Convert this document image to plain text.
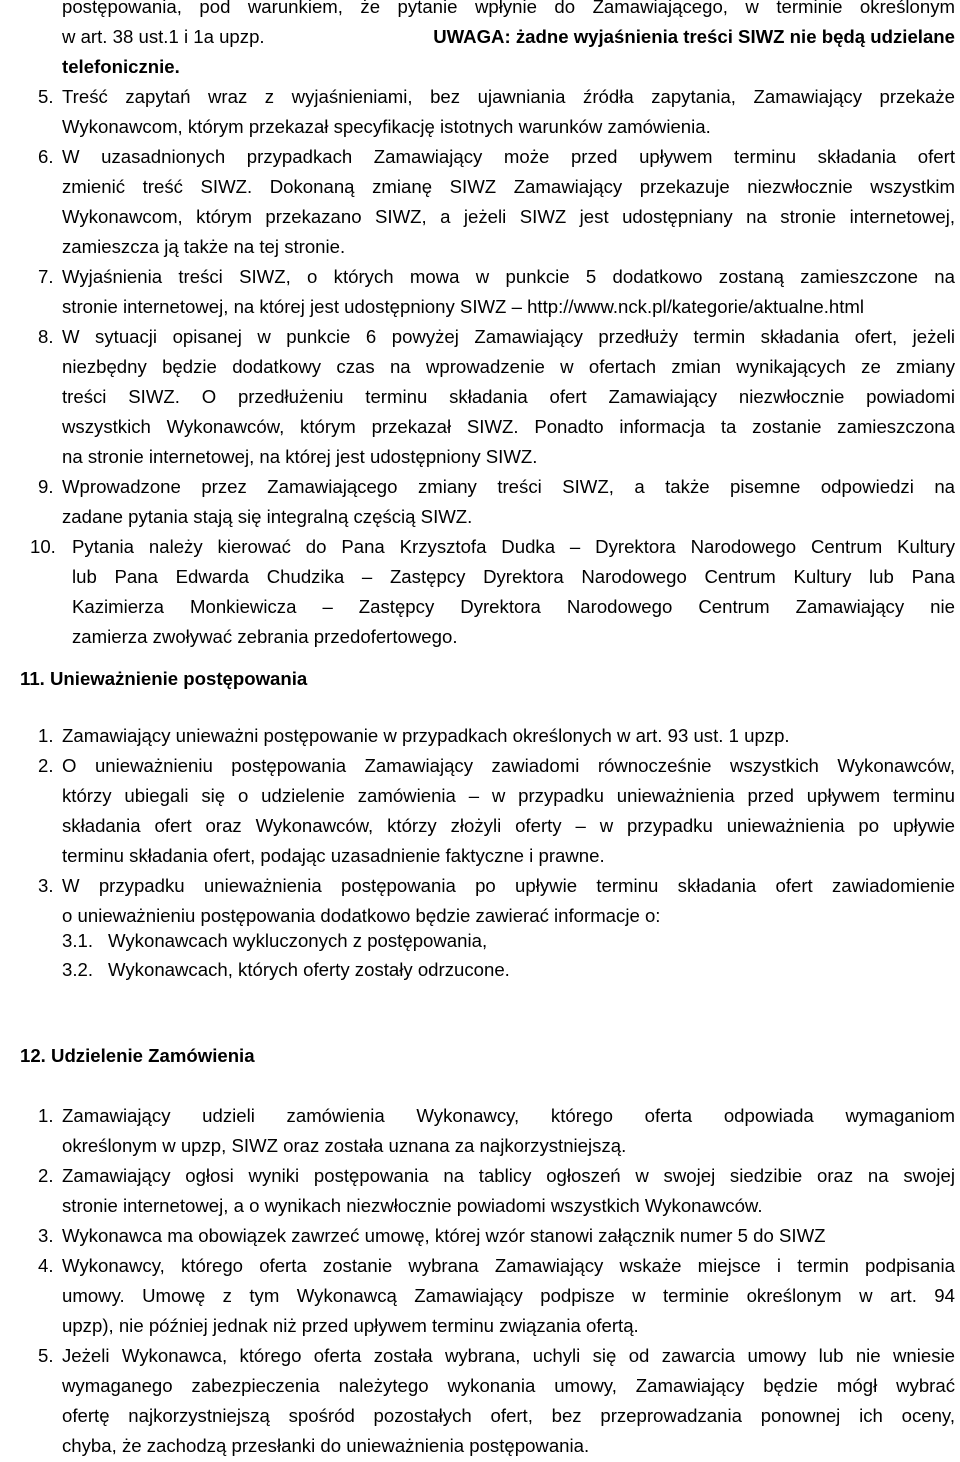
postępowania, pod warunkiem, że pytanie wpłynie do Zamawiającego, w terminie określonym
w art. 38 ust.1 i 1a upzp.	UWAGA: żadne wyjaśnienia treści SIWZ nie będą udzielane
telefonicznie.
5. Treść zapytań wraz z wyjaśnieniami, bez ujawniania źródła zapytania, Zamawiający przekaże
Wykonawcom, którym przekazał specyfikację istotnych warunków zamówienia.
6. W uzasadnionych przypadkach Zamawiający może przed upływem terminu składania ofert
zmienić treść SIWZ. Dokonaną zmianę SIWZ Zamawiający przekazuje niezwłocznie wszystkim
Wykonawcom, którym przekazano SIWZ, a jeżeli SIWZ jest udostępniany na stronie internetowej,
zamieszcza ją także na tej stronie.
7. Wyjaśnienia treści SIWZ, o których mowa w punkcie 5 dodatkowo zostaną zamieszczone na
stronie internetowej, na której jest udostępniony SIWZ – http://www.nck.pl/kategorie/aktualne.html
8. W sytuacji opisanej w punkcie 6 powyżej Zamawiający przedłuży termin składania ofert, jeżeli
niezbędny będzie dodatkowy czas na wprowadzenie w ofertach zmian wynikających ze zmiany
treści SIWZ. O przedłużeniu terminu składania ofert Zamawiający niezwłocznie powiadomi
wszystkich Wykonawców, którym przekazał SIWZ. Ponadto informacja ta zostanie zamieszczona
na stronie internetowej, na której jest udostępniony SIWZ.
9. Wprowadzone przez Zamawiającego zmiany treści SIWZ, a także pisemne odpowiedzi na
zadane pytania stają się integralną częścią SIWZ.
10. Pytania należy kierować do Pana Krzysztofa Dudka – Dyrektora Narodowego Centrum Kultury
lub Pana Edwarda Chudzika – Zastępcy Dyrektora Narodowego Centrum Kultury lub Pana
Kazimierza Monkiewicza – Zastępcy Dyrektora Narodowego Centrum Zamawiający nie
zamierza zwoływać zebrania przedofertowego.
11. Unieważnienie postępowania
1. Zamawiający unieważni postępowanie w przypadkach określonych w art. 93 ust. 1 upzp.
2. O unieważnieniu postępowania Zamawiający zawiadomi równocześnie wszystkich Wykonawców,
którzy ubiegali się o udzielenie zamówienia – w przypadku unieważnienia przed upływem terminu
składania ofert oraz Wykonawców, którzy złożyli oferty – w przypadku unieważnienia po upływie
terminu składania ofert, podając uzasadnienie faktyczne i prawne.
3. W przypadku unieważnienia postępowania po upływie terminu składania ofert zawiadomienie
o unieważnieniu postępowania dodatkowo będzie zawierać informacje o:
3.1. Wykonawcach wykluczonych z postępowania,
3.2. Wykonawcach, których oferty zostały odrzucone.
12. Udzielenie Zamówienia
1. Zamawiający udzieli zamówienia Wykonawcy, którego oferta odpowiada wymaganiom
określonym w upzp, SIWZ oraz została uznana za najkorzystniejszą.
2. Zamawiający ogłosi wyniki postępowania na tablicy ogłoszeń w swojej siedzibie oraz na swojej
stronie internetowej, a o wynikach niezwłocznie powiadomi wszystkich Wykonawców.
3. Wykonawca ma obowiązek zawrzeć umowę, której wzór stanowi załącznik numer 5 do SIWZ
4. Wykonawcy, którego oferta zostanie wybrana Zamawiający wskaże miejsce i termin podpisania
umowy. Umowę z tym Wykonawcą Zamawiający podpisze w terminie określonym w art. 94
upzp), nie później jednak niż przed upływem terminu związania ofertą.
5. Jeżeli Wykonawca, którego oferta została wybrana, uchyli się od zawarcia umowy lub nie wniesie
wymaganego zabezpieczenia należytego wykonania umowy, Zamawiający będzie mógł wybrać
ofertę najkorzystniejszą spośród pozostałych ofert, bez przeprowadzania ponownej ich oceny,
chyba, że zachodzą przesłanki do unieważnienia postępowania.
